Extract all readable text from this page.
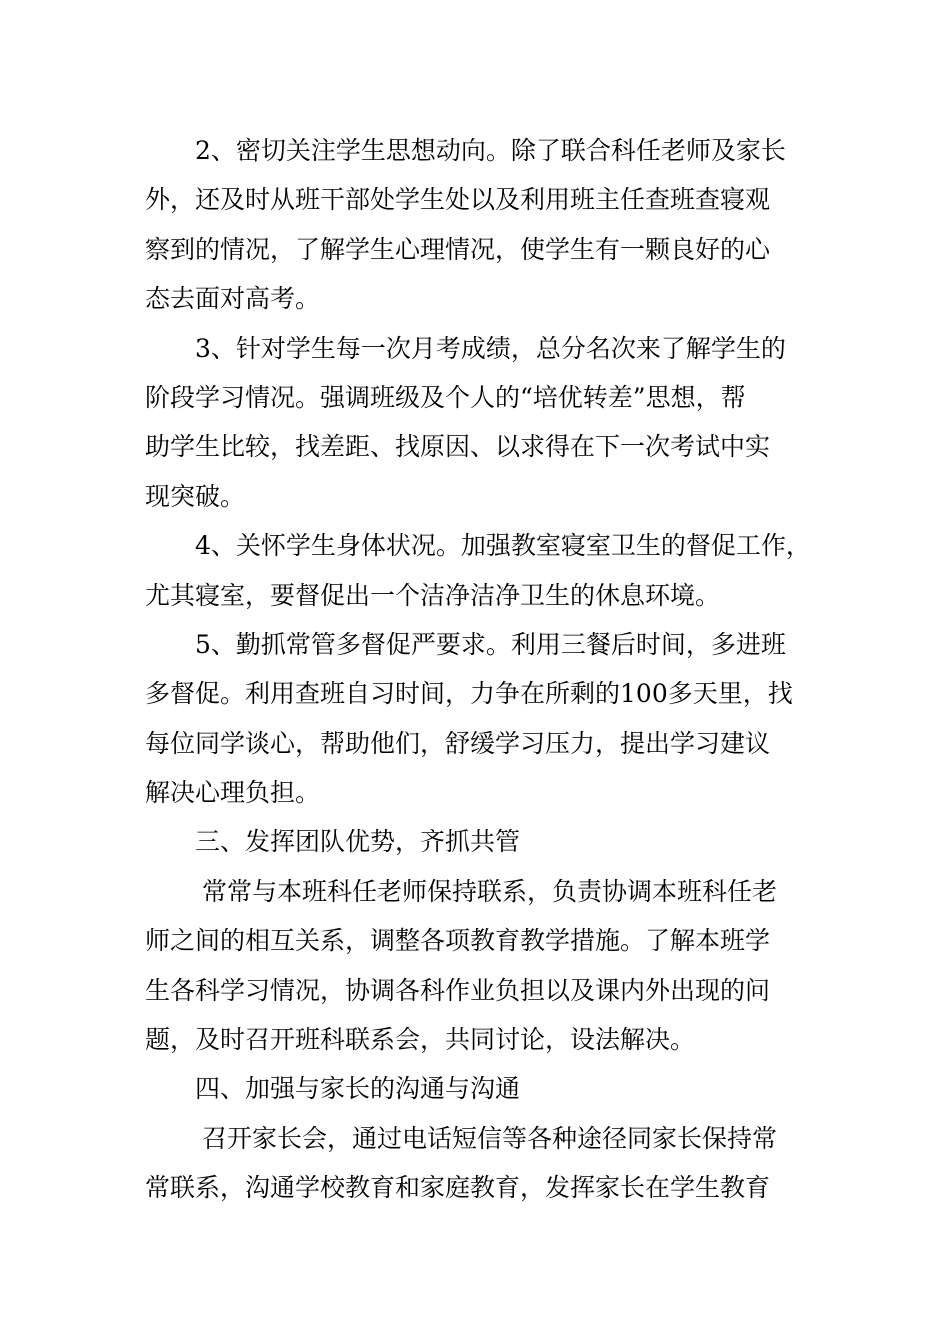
2、密切关注学生思想动向。除了联合科任老师及家长
外，还及时从班干部处学生处以及利用班主任查班查寝观
察到的情况，了解学生心理情况，使学生有一颗良好的心
态去面对高考。
3、针对学生每一次月考成绩，总分名次来了解学生的
阶段学习情况。强调班级及个人的“培优转差”思想，帮
助学生比较，找差距、找原因、以求得在下一次考试中实
现突破。
4、关怀学生身体状况。加强教室寝室卫生的督促工作，
尤其寝室，要督促出一个洁净洁净卫生的休息环境。
5、勤抓常管多督促严要求。利用三餐后时间，多进班
多督促。利用查班自习时间，力争在所剩的100多天里，找
每位同学谈心，帮助他们，舒缓学习压力，提出学习建议
解决心理负担。
三、发挥团队优势，齐抓共管
常常与本班科任老师保持联系，负责协调本班科任老
师之间的相互关系，调整各项教育教学措施。了解本班学
生各科学习情况，协调各科作业负担以及课内外出现的问
题，及时召开班科联系会，共同讨论，设法解决。
四、加强与家长的沟通与沟通
召开家长会，通过电话短信等各种途径同家长保持常
常联系，沟通学校教育和家庭教育，发挥家长在学生教育
